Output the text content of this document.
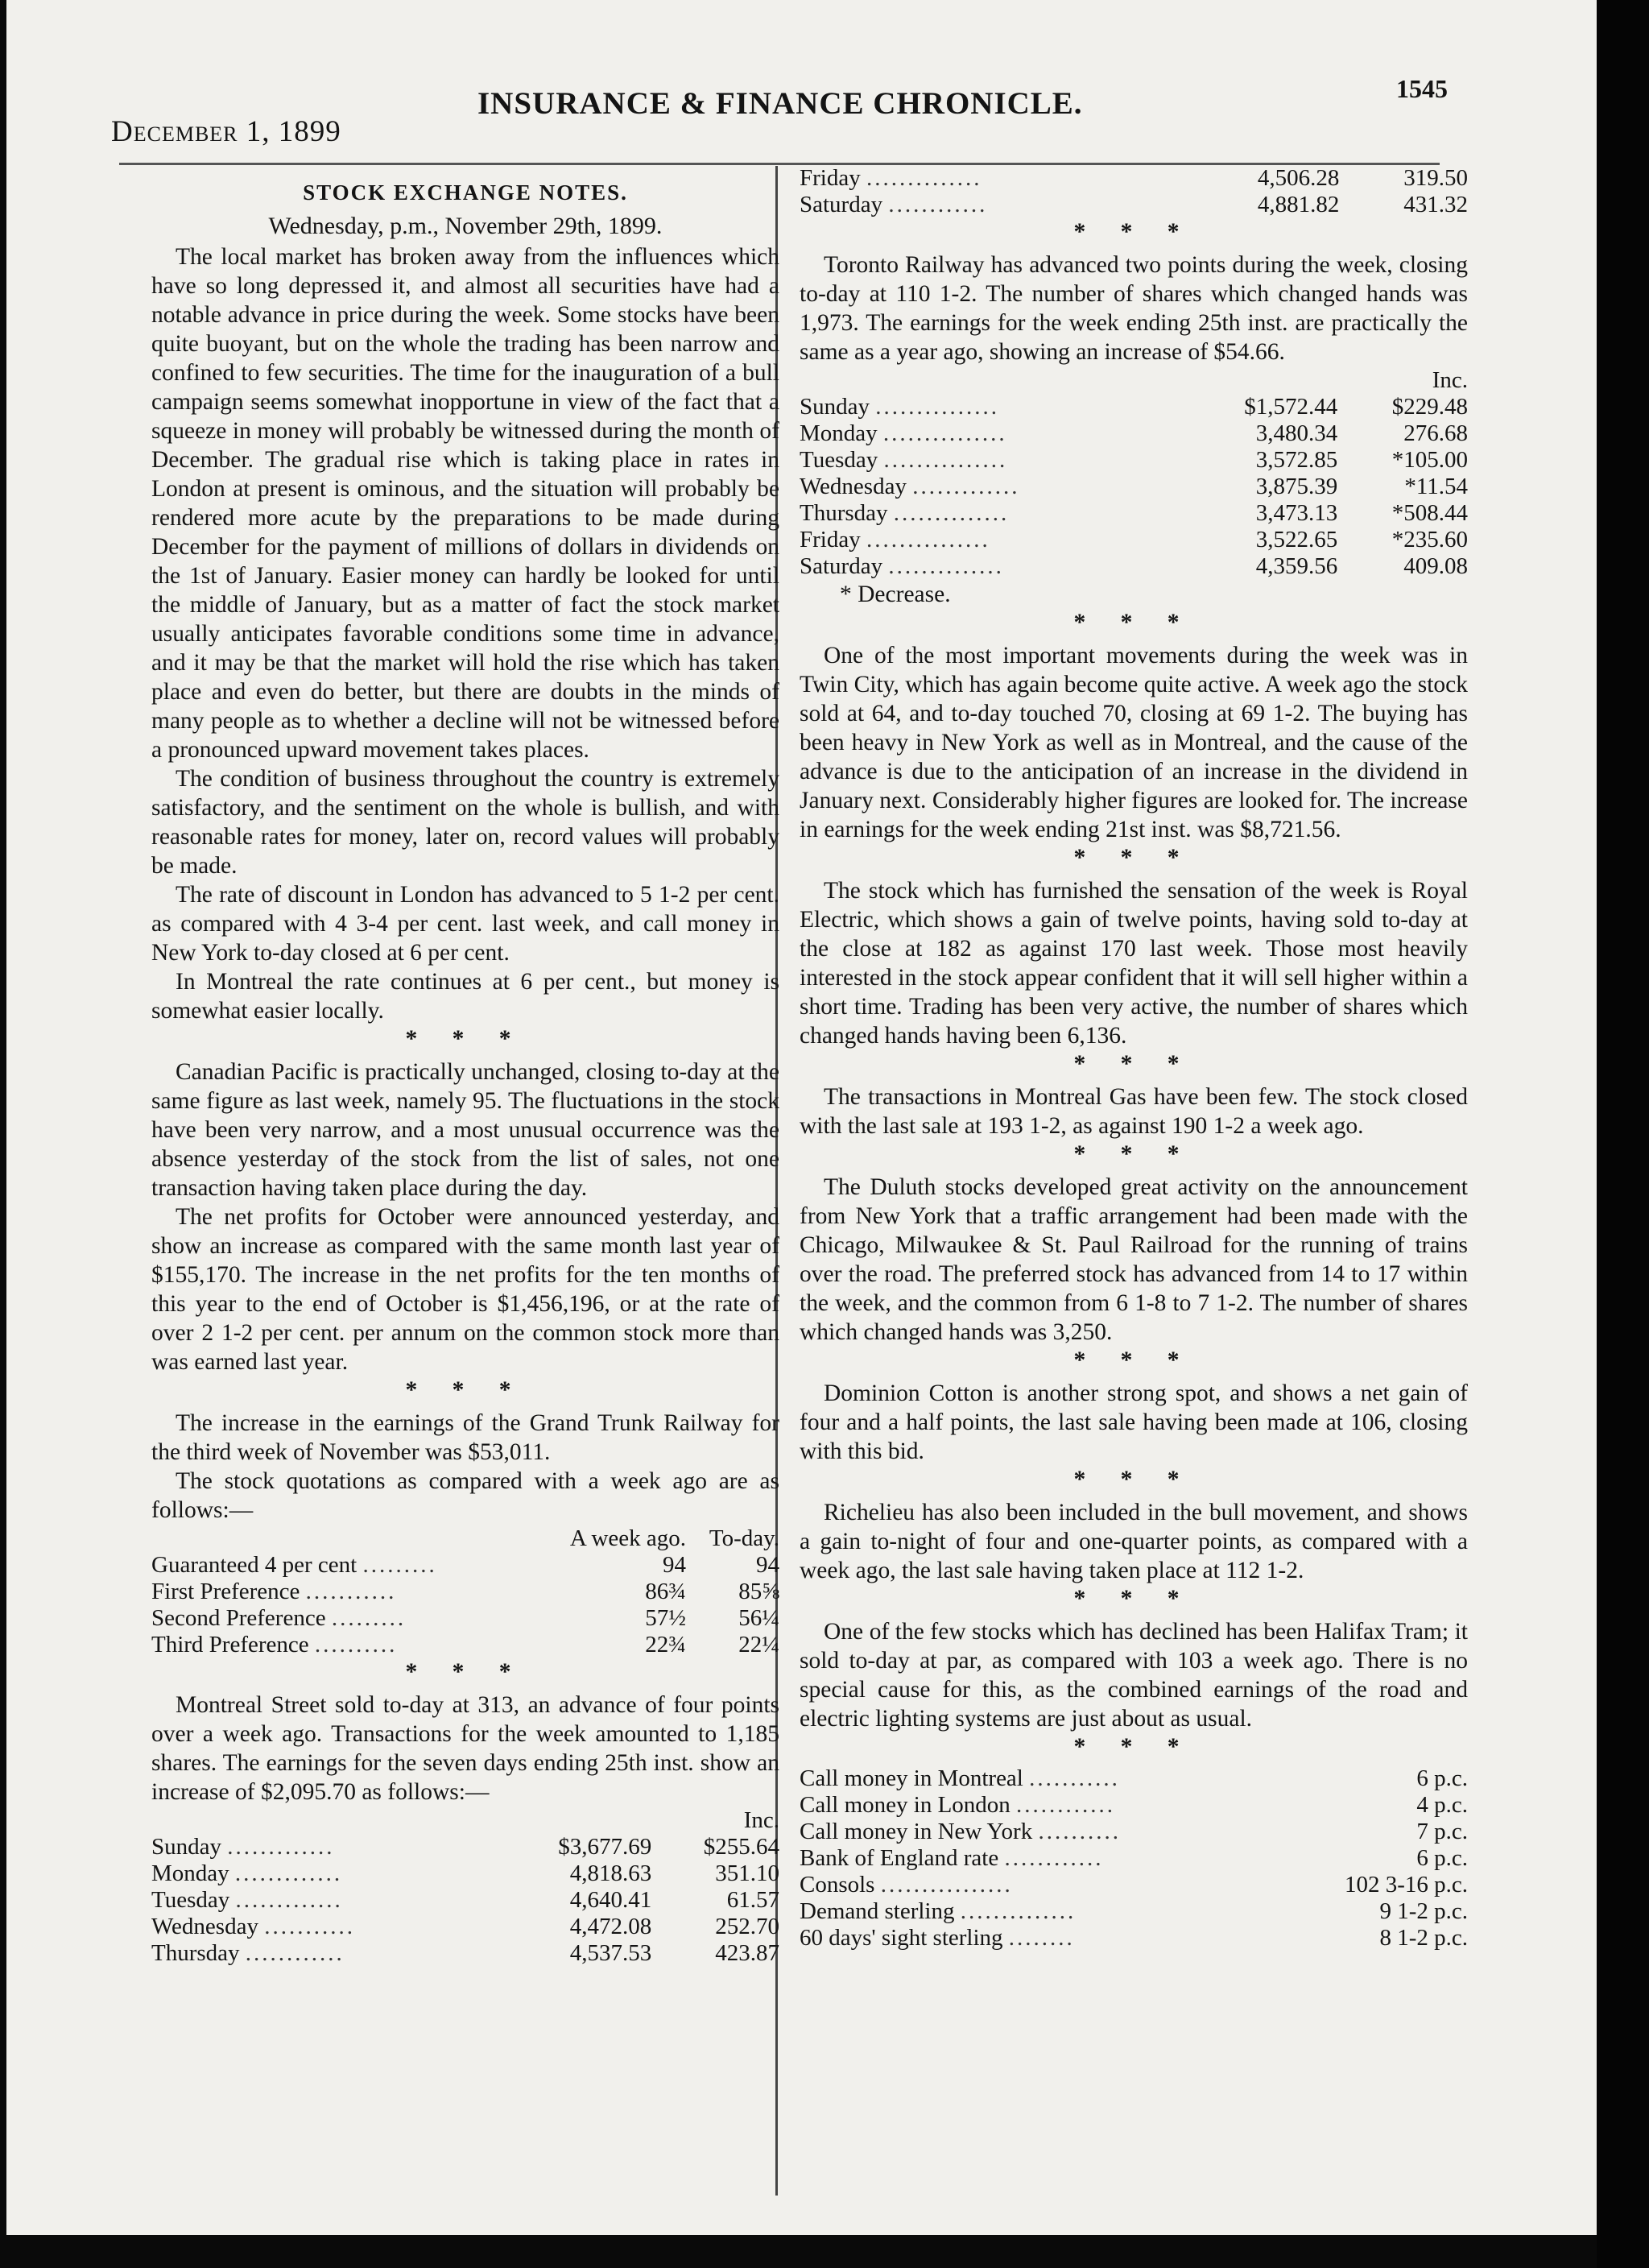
December 1, 1899
INSURANCE & FINANCE CHRONICLE.	1545
STOCK EXCHANGE NOTES.
Wednesday, p.m., November 29th, 1899.

The local market has broken away from the influences which have so long depressed it, and almost all securities have had a notable advance in price during the week. Some stocks have been quite buoyant, but on the whole the trading has been narrow and confined to few securities. The time for the inauguration of a bull campaign seems somewhat inopportune in view of the fact that a squeeze in money will probably be witnessed during the month of December. The gradual rise which is taking place in rates in London at present is ominous, and the situation will probably be rendered more acute by the preparations to be made during December for the payment of millions of dollars in dividends on the 1st of January. Easier money can hardly be looked for until the middle of January, but as a matter of fact the stock market usually anticipates favorable conditions some time in advance, and it may be that the market will hold the rise which has taken place and even do better, but there are doubts in the minds of many people as to whether a decline will not be witnessed before a pronounced upward movement takes places.

The condition of business throughout the country is extremely satisfactory, and the sentiment on the whole is bullish, and with reasonable rates for money, later on, record values will probably be made.

The rate of discount in London has advanced to 5 1-2 per cent. as compared with 4 3-4 per cent. last week, and call money in New York to-day closed at 6 per cent.

In Montreal the rate continues at 6 per cent., but money is somewhat easier locally.

* * *

Canadian Pacific is practically unchanged, closing to-day at the same figure as last week, namely 95. The fluctuations in the stock have been very narrow, and a most unusual occurrence was the absence yesterday of the stock from the list of sales, not one transaction having taken place during the day.

The net profits for October were announced yesterday, and show an increase as compared with the same month last year of $155,170. The increase in the net profits for the ten months of this year to the end of October is $1,456,196, or at the rate of over 2 1-2 per cent. per annum on the common stock more than was earned last year.

* * *

The increase in the earnings of the Grand Trunk Railway for the third week of November was $53,011.

The stock quotations as compared with a week ago are as follows:—

	A week ago.	To-day.
Guaranteed 4 per cent .........	94	94
First Preference ...........	86¾	85⅝
Second Preference .........	57½	56¼
Third Preference ..........	22¾	22¼
* * *

Montreal Street sold to-day at 313, an advance of four points over a week ago. Transactions for the week amounted to 1,185 shares. The earnings for the seven days ending 25th inst. show an increase of $2,095.70 as follows:—

		Inc.
Sunday .............	$3,677.69	$255.64
Monday .............	4,818.63	351.10
Tuesday .............	4,640.41	61.57
Wednesday ...........	4,472.08	252.70
Thursday ............	4,537.53	423.87
Friday ..............	4,506.28	319.50
Saturday ............	4,881.82	431.32
* * *

Toronto Railway has advanced two points during the week, closing to-day at 110 1-2. The number of shares which changed hands was 1,973. The earnings for the week ending 25th inst. are practically the same as a year ago, showing an increase of $54.66.

		Inc.
Sunday ...............	$1,572.44	$229.48
Monday ...............	3,480.34	276.68
Tuesday ...............	3,572.85	*105.00
Wednesday .............	3,875.39	*11.54
Thursday ..............	3,473.13	*508.44
Friday ...............	3,522.65	*235.60
Saturday ..............	4,359.56	409.08
* Decrease.
* * *

One of the most important movements during the week was in Twin City, which has again become quite active. A week ago the stock sold at 64, and to-day touched 70, closing at 69 1-2. The buying has been heavy in New York as well as in Montreal, and the cause of the advance is due to the anticipation of an increase in the dividend in January next. Considerably higher figures are looked for. The increase in earnings for the week ending 21st inst. was $8,721.56.

* * *

The stock which has furnished the sensation of the week is Royal Electric, which shows a gain of twelve points, having sold to-day at the close at 182 as against 170 last week. Those most heavily interested in the stock appear confident that it will sell higher within a short time. Trading has been very active, the number of shares which changed hands having been 6,136.

* * *

The transactions in Montreal Gas have been few. The stock closed with the last sale at 193 1-2, as against 190 1-2 a week ago.

* * *

The Duluth stocks developed great activity on the announcement from New York that a traffic arrangement had been made with the Chicago, Milwaukee & St. Paul Railroad for the running of trains over the road. The preferred stock has advanced from 14 to 17 within the week, and the common from 6 1-8 to 7 1-2. The number of shares which changed hands was 3,250.

* * *

Dominion Cotton is another strong spot, and shows a net gain of four and a half points, the last sale having been made at 106, closing with this bid.

* * *

Richelieu has also been included in the bull movement, and shows a gain to-night of four and one-quarter points, as compared with a week ago, the last sale having taken place at 112 1-2.

* * *

One of the few stocks which has declined has been Halifax Tram; it sold to-day at par, as compared with 103 a week ago. There is no special cause for this, as the combined earnings of the road and electric lighting systems are just about as usual.

* * *
Call money in Montreal ...........	6 p.c.
Call money in London ............	4 p.c.
Call money in New York ..........	7 p.c.
Bank of England rate ............	6 p.c.
Consols ................	102 3-16 p.c.
Demand sterling ..............	9 1-2 p.c.
60 days' sight sterling ........	8 1-2 p.c.
